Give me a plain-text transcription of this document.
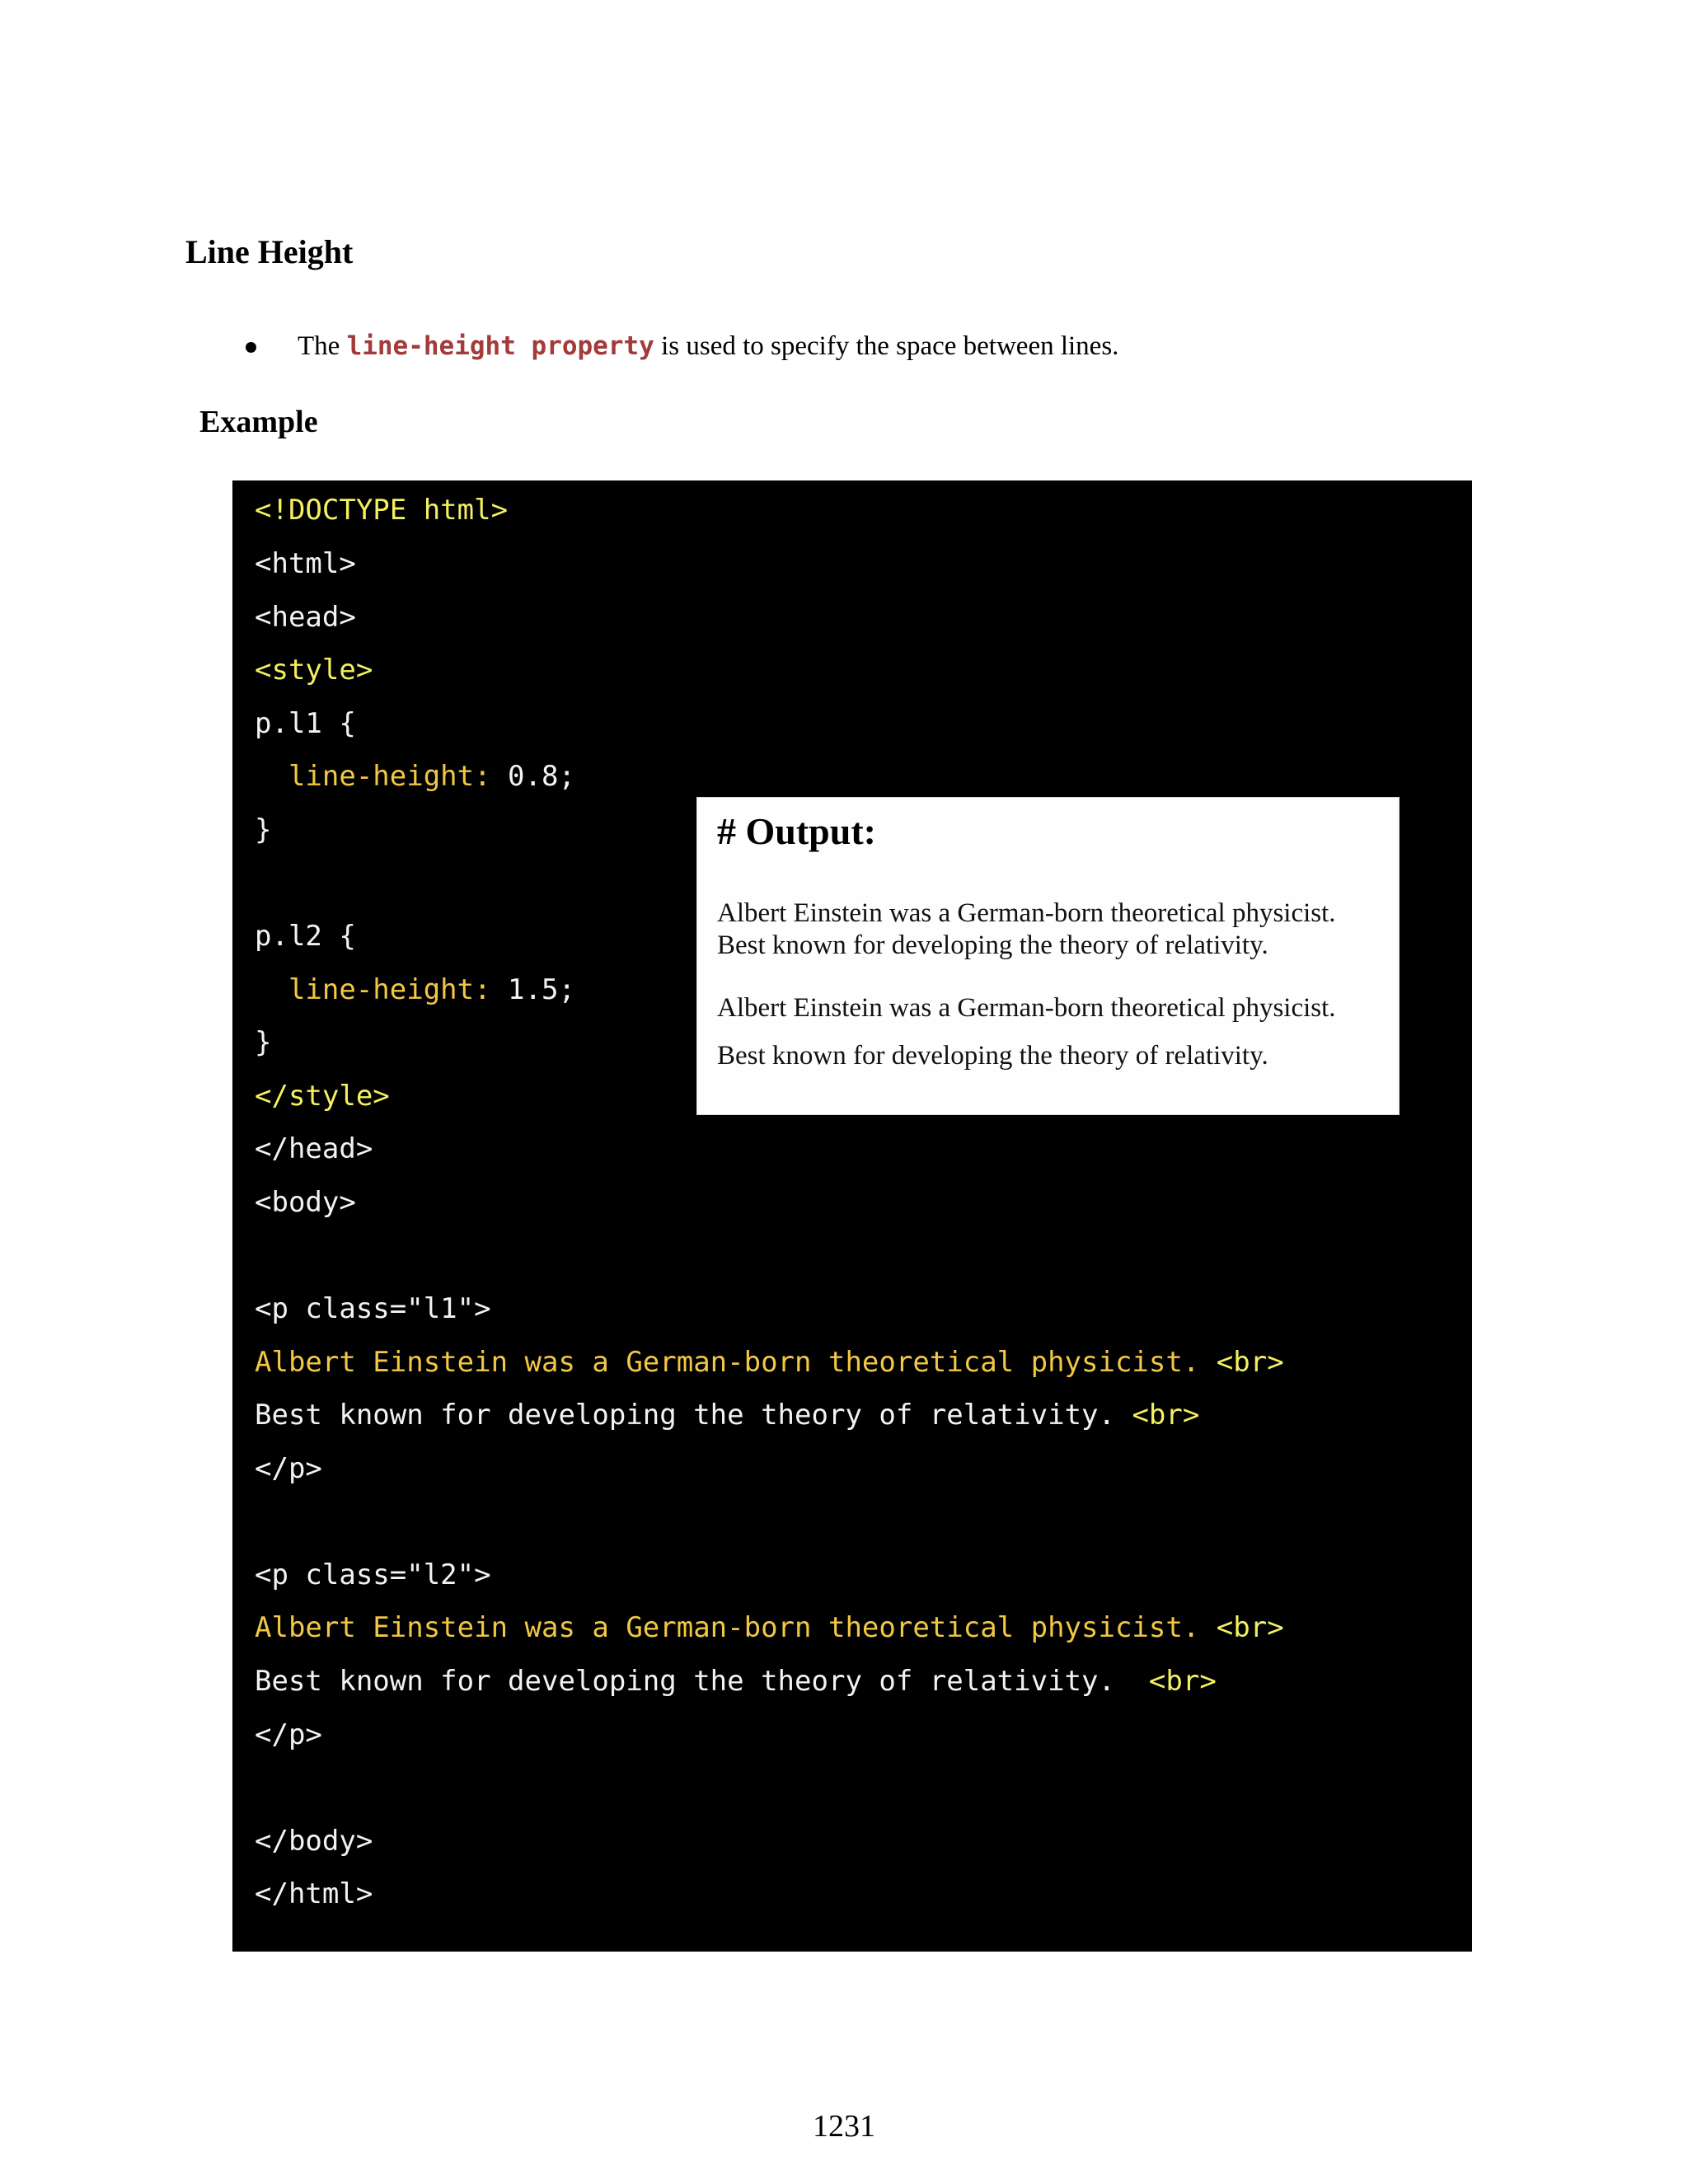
Line Height
The line-height property is used to specify the space between lines.
Example
<!DOCTYPE html>
<html>
<head>
<style>
p.l1 {
line-height: 0.8;
}
p.l2 {
line-height: 1.5;
}
</style>
</head>
<body>
<p class="l1">
Albert Einstein was a German-born theoretical physicist. <br>
Best known for developing the theory of relativity. <br>
</p>
<p class="l2">
Albert Einstein was a German-born theoretical physicist. <br>
Best known for developing the theory of relativity.  <br>
</p>
</body>
</html>
# Output:
Albert Einstein was a German-born theoretical physicist.
Best known for developing the theory of relativity.
Albert Einstein was a German-born theoretical physicist.
Best known for developing the theory of relativity.
1231
